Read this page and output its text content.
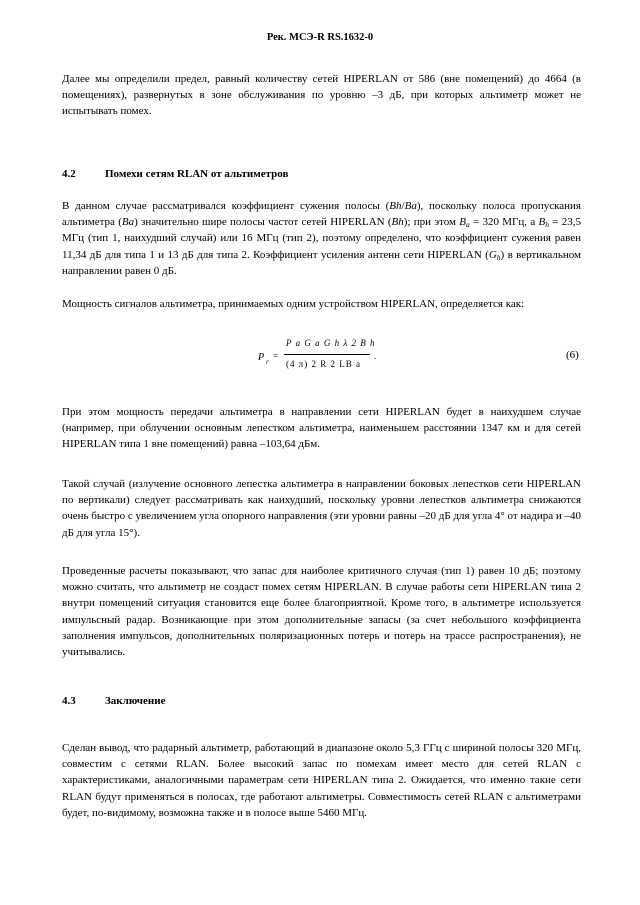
Рек. МСЭ-R RS.1632-0

Далее мы определили предел, равный количеству сетей HIPERLAN от 586 (вне помещений) до 4664 (в помещениях), развернутых в зоне обслуживания по уровню –3 дБ, при которых альтиметр может не испытывать помех.

4.2	Помехи сетям RLAN от альтиметров

В данном случае рассматривался коэффициент сужения полосы (Bh/Ba), поскольку полоса пропускания альтиметра (Ba) значительно шире полосы частот сетей HIPERLAN (Bh); при этом $B_a = 320$ МГц, а $B_h = 23,5$ МГц (тип 1, наихудший случай) или 16 МГц (тип 2), поэтому определено, что коэффициент сужения равен 11,34 дБ для типа 1 и 13 дБ для типа 2. Коэффициент усиления антенн сети HIPERLAN $(G_h)$ в вертикальном направлении равен 0 дБ.

Мощность сигналов альтиметра, принимаемых одним устройством HIPERLAN, определяется как:

P r
=
P a G a G h λ 2 B h
(4 π) 2 R 2 LB a
.	(6)

При этом мощность передачи альтиметра в направлении сети HIPERLAN будет в наихудшем случае (например, при облучении основным лепестком альтиметра, наименьшем расстоянии 1347 км и для сетей HIPERLAN типа 1 вне помещений) равна –103,64 дБм.

Такой случай (излучение основного лепестка альтиметра в направлении боковых лепестков сети HIPERLAN по вертикали) следует рассматривать как наихудший, поскольку уровни лепестков альтиметра снижаются очень быстро с увеличением угла опорного направления (эти уровни равны –20 дБ для угла 4° от надира и –40 дБ для угла 15°).

Проведенные расчеты показывают, что запас для наиболее критичного случая (тип 1) равен 10 дБ; поэтому можно считать, что альтиметр не создаст помех сетям HIPERLAN. В случае работы сети HIPERLAN типа 2 внутри помещений ситуация становится еще более благоприятной. Кроме того, в альтиметре используется импульсный радар. Возникающие при этом дополнительные запасы (за счет небольшого коэффициента заполнения импульсов, дополнительных поляризационных потерь и потерь на трассе распространения), не учитывались.

4.3	Заключение

Сделан вывод, что радарный альтиметр, работающий в диапазоне около 5,3 ГГц с шириной полосы 320 МГц, совместим с сетями RLAN. Более высокий запас по помехам имеет место для сетей RLAN с характеристиками, аналогичными параметрам сети HIPERLAN типа 2. Ожидается, что именно такие сети RLAN будут применяться в полосах, где работают альтиметры. Совместимость сетей RLAN с альтиметрами будет, по-видимому, возможна также и в полосе выше 5460 МГц.
